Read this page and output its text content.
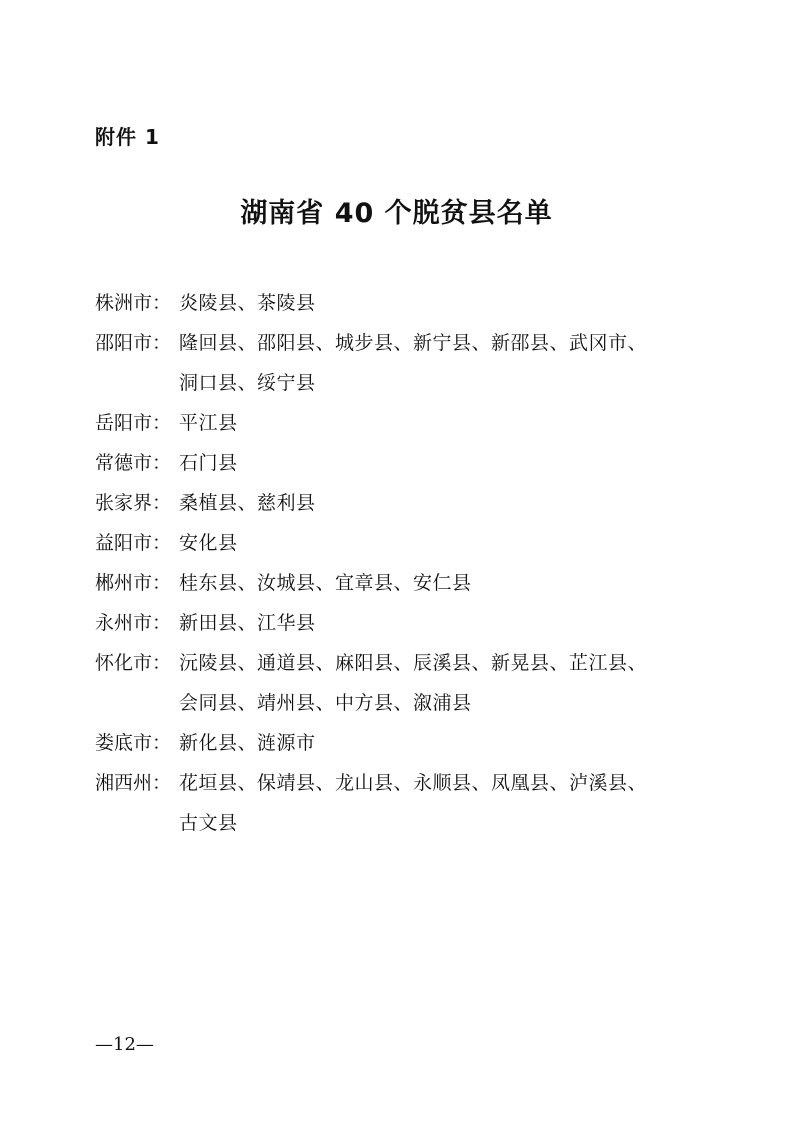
附件 1
湖南省 40 个脱贫县名单
株洲市： 炎陵县、茶陵县
邵阳市： 隆回县、邵阳县、城步县、新宁县、新邵县、武冈市、
洞口县、绥宁县
岳阳市： 平江县
常德市： 石门县
张家界： 桑植县、慈利县
益阳市： 安化县
郴州市： 桂东县、汝城县、宜章县、安仁县
永州市： 新田县、江华县
怀化市： 沅陵县、通道县、麻阳县、辰溪县、新晃县、芷江县、
会同县、靖州县、中方县、溆浦县
娄底市： 新化县、涟源市
湘西州： 花垣县、保靖县、龙山县、永顺县、凤凰县、泸溪县、
古文县
—12—
